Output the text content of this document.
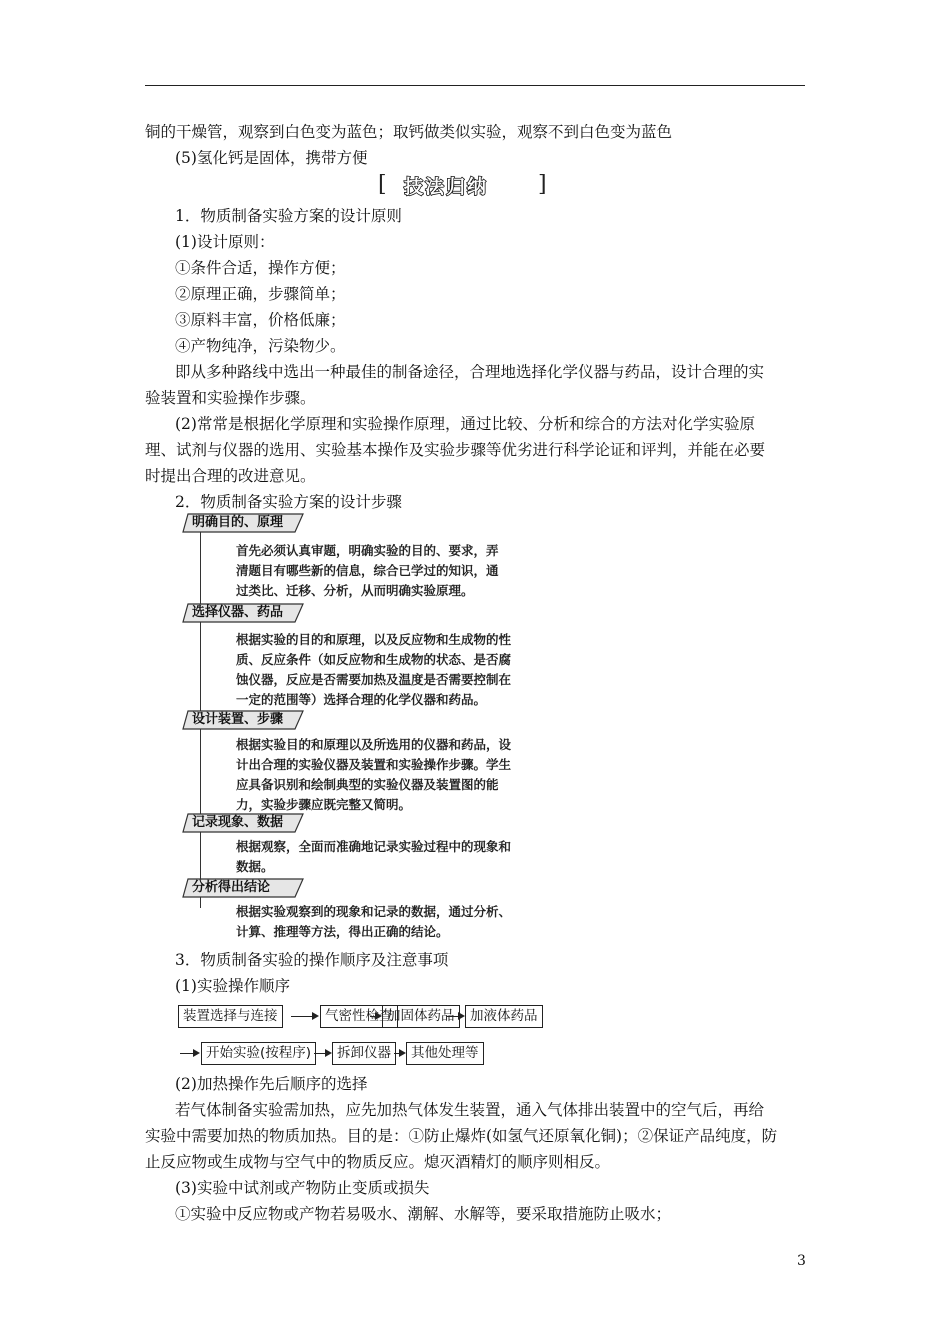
铜的干燥管，观察到白色变为蓝色；取钙做类似实验，观察不到白色变为蓝色
(5)氢化钙是固体，携带方便
[ 技法归纳 ]
1．物质制备实验方案的设计原则
(1)设计原则：
①条件合适，操作方便；
②原理正确，步骤简单；
③原料丰富，价格低廉；
④产物纯净，污染物少。
即从多种路线中选出一种最佳的制备途径，合理地选择化学仪器与药品，设计合理的实
验装置和实验操作步骤。
(2)常常是根据化学原理和实验操作原理，通过比较、分析和综合的方法对化学实验原
理、试剂与仪器的选用、实验基本操作及实验步骤等优劣进行科学论证和评判，并能在必要
时提出合理的改进意见。
2．物质制备实验方案的设计步骤
明确目的、原理
首先必须认真审题，明确实验的目的、要求，弄
清题目有哪些新的信息，综合已学过的知识，通
过类比、迁移、分析，从而明确实验原理。
选择仪器、药品
根据实验的目的和原理，以及反应物和生成物的性
质、反应条件（如反应物和生成物的状态、是否腐
蚀仪器，反应是否需要加热及温度是否需要控制在
一定的范围等）选择合理的化学仪器和药品。
设计装置、步骤
根据实验目的和原理以及所选用的仪器和药品，设
计出合理的实验仪器及装置和实验操作步骤。学生
应具备识别和绘制典型的实验仪器及装置图的能
力，实验步骤应既完整又简明。
记录现象、数据
根据观察，全面而准确地记录实验过程中的现象和
数据。
分析得出结论
根据实验观察到的现象和记录的数据，通过分析、
计算、推理等方法，得出正确的结论。
3．物质制备实验的操作顺序及注意事项
(1)实验操作顺序
装置选择与连接	气密性检查
加固体药品	加液体药品
开始实验(按程序)	拆卸仪器	其他处理等
(2)加热操作先后顺序的选择
若气体制备实验需加热，应先加热气体发生装置，通入气体排出装置中的空气后，再给
实验中需要加热的物质加热。目的是：①防止爆炸(如氢气还原氧化铜)；②保证产品纯度，防
止反应物或生成物与空气中的物质反应。熄灭酒精灯的顺序则相反。
(3)实验中试剂或产物防止变质或损失
①实验中反应物或产物若易吸水、潮解、水解等，要采取措施防止吸水；
3
